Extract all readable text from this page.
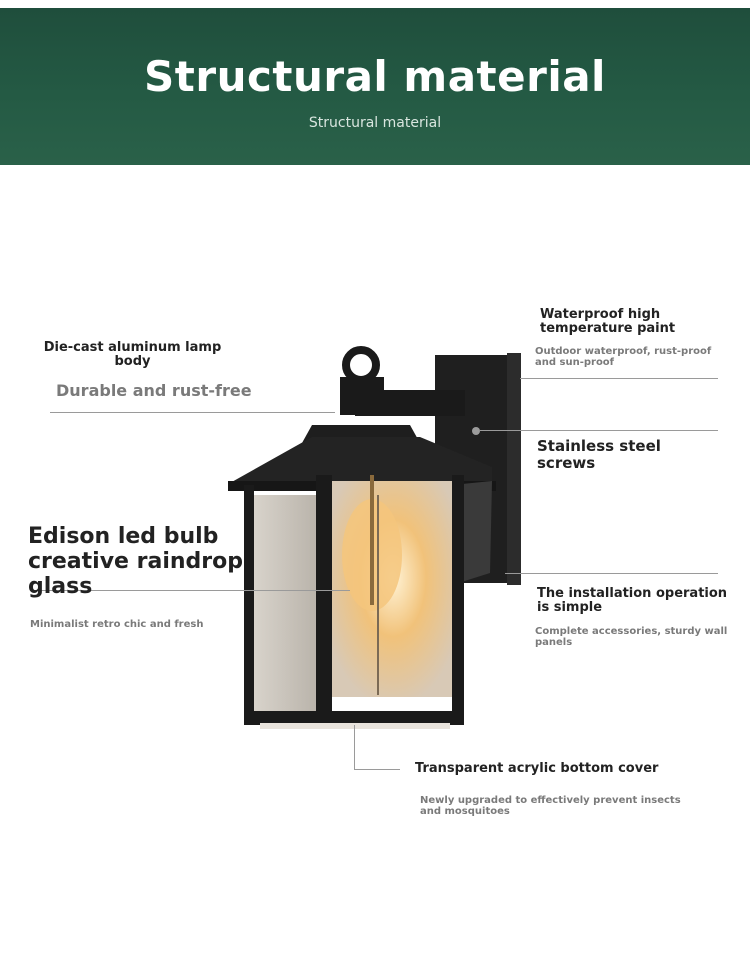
Structural material
Structural material
Waterproof high temperature paint
Outdoor waterproof, rust-proof and sun-proof
Stainless steel screws
The installation operation is simple
Complete accessories, sturdy wall panels
Die-cast aluminum lamp body
Durable and rust-free
Edison led bulb creative raindrop glass
Minimalist retro chic and fresh
Transparent acrylic bottom cover
Newly upgraded to effectively prevent insects and mosquitoes
